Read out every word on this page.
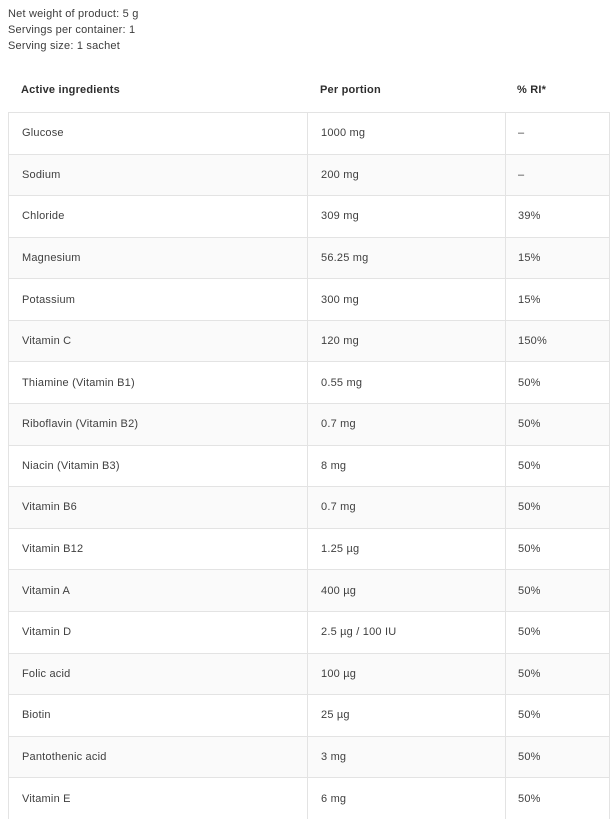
Net weight of product: 5 g
Servings per container: 1
Serving size: 1 sachet
Active ingredients	Per portion	% RI*
Glucose	1000 mg	–
Sodium	200 mg	–
Chloride	309 mg	39%
Magnesium	56.25 mg	15%
Potassium	300 mg	15%
Vitamin C	120 mg	150%
Thiamine (Vitamin B1)	0.55 mg	50%
Riboflavin (Vitamin B2)	0.7 mg	50%
Niacin (Vitamin B3)	8 mg	50%
Vitamin B6	0.7 mg	50%
Vitamin B12	1.25 µg	50%
Vitamin A	400 µg	50%
Vitamin D	2.5 µg / 100 IU	50%
Folic acid	100 µg	50%
Biotin	25 µg	50%
Pantothenic acid	3 mg	50%
Vitamin E	6 mg	50%
